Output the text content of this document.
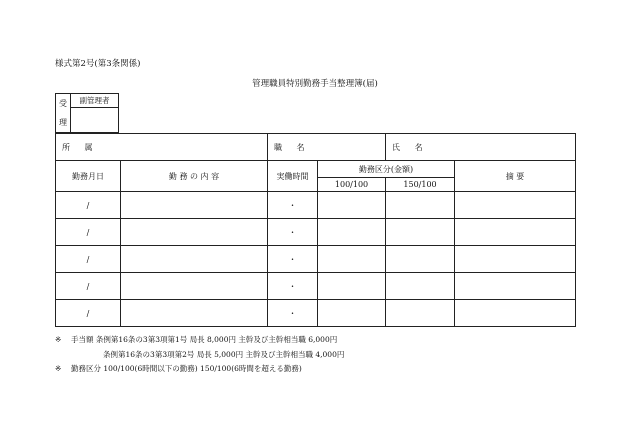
様式第2号(第3条関係)
管理職員特別勤務手当整理簿(届)
受
理
副管理者
所 属		職 名		氏 名	
勤務月日	勤 務 の 内 容	実働時間	勤務区分(金額)		摘 要
			100/100	150/100	
/		・			
/		・			
/		・			
/		・			
/		・			
※ 手当額 条例第16条の3第3項第1号 局長 8,000円 主幹及び主幹相当職 6,000円
条例第16条の3第3項第2号 局長 5,000円 主幹及び主幹相当職 4,000円
※ 勤務区分 100/100(6時間以下の勤務) 150/100(6時間を超える勤務)
